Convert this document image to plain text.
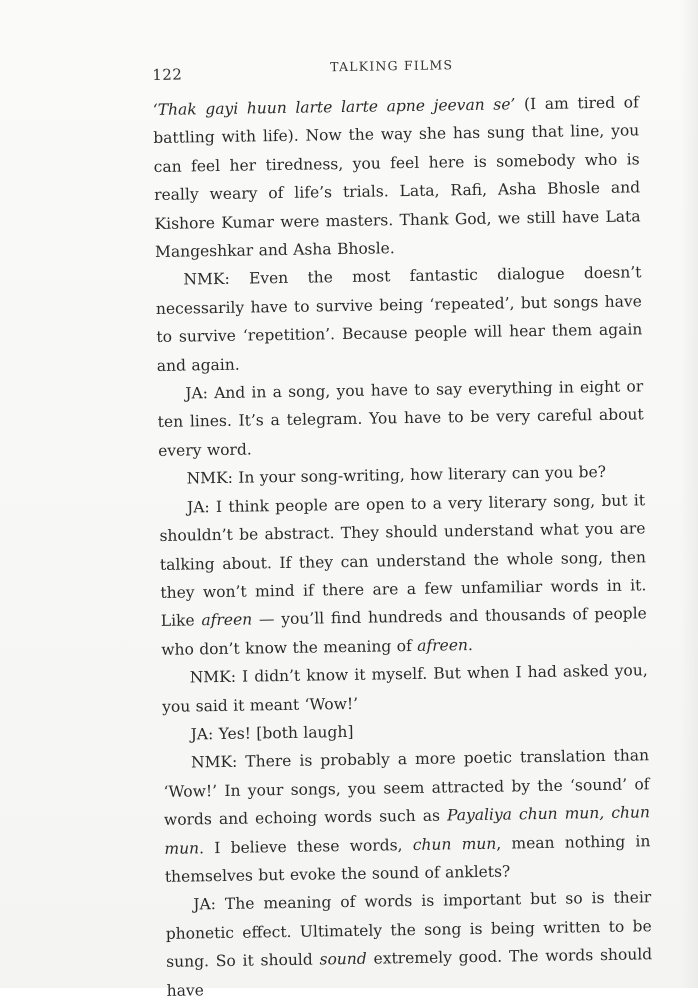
122	TALKING FILMS

‘Thak gayi huun larte larte apne jeevan se’ (I am tired of battling with life). Now the way she has sung that line, you can feel her tiredness, you feel here is somebody who is really weary of life’s trials. Lata, Rafi, Asha Bhosle and Kishore Kumar were masters. Thank God, we still have Lata Mangeshkar and Asha Bhosle.

NMK: Even the most fantastic dialogue doesn’t necessarily have to survive being ‘repeated’, but songs have to survive ‘repetition’. Because people will hear them again and again.

JA: And in a song, you have to say everything in eight or ten lines. It’s a telegram. You have to be very careful about every word.

NMK: In your song-writing, how literary can you be?

JA: I think people are open to a very literary song, but it shouldn’t be abstract. They should understand what you are talking about. If they can understand the whole song, then they won’t mind if there are a few unfamiliar words in it. Like afreen — you’ll find hundreds and thousands of people who don’t know the meaning of afreen.

NMK: I didn’t know it myself. But when I had asked you, you said it meant ‘Wow!’

JA: Yes! [both laugh]

NMK: There is probably a more poetic translation than ‘Wow!’ In your songs, you seem attracted by the ‘sound’ of words and echoing words such as Payaliya chun mun, chun mun. I believe these words, chun mun, mean nothing in themselves but evoke the sound of anklets?

JA: The meaning of words is important but so is their phonetic effect. Ultimately the song is being written to be sung. So it should sound extremely good. The words should have
